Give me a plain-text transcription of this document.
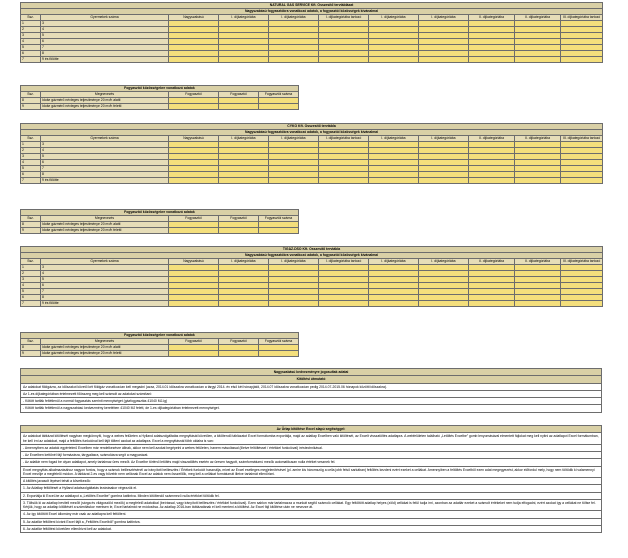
NATURAL GAS SERVICE Kft. Összesítő tervtáblázat										
Nagyszabású fogyasztókra vonatkozó adatok, a fogyasztói közösségek kívánalmai										
Ssz.	Gyermekek száma	Nagyszabású	I. díjkategóriába	I. díjkategóriába	I. díjkategóriába tartozó	I. díjkategóriába	I. díjkategóriába	II. díjkategóriába	II. díjkategóriába	III. díjkategóriába tartozó
1	3									
2	4									
3	5									
4	6									
5	7									
6	8									
7	9 és fölötte									
Fogyasztói közösségekre vonatkozó adatok				
Ssz.	Megnevezés	Fogyasztói	Fogyasztói	Fogyasztói száma
8	Idoše gázmérő névleges teljesítménye 20 m³/h alatti			
9	Idoše gázmérő névleges teljesítménye 20 m³/h feletti			
CYKO Kft. Összesítő tervtábla										
Nagyszabású fogyasztókra vonatkozó adatok, a fogyasztói közösségek kívánalmai										
Ssz.	Gyermekek száma	Nagyszabású	I. díjkategóriába	I. díjkategóriába	I. díjkategóriába tartozó	I. díjkategóriába	I. díjkategóriába	II. díjkategóriába	II. díjkategóriába	III. díjkategóriába tartozó
1	3									
2	4									
3	5									
4	6									
5	7									
6	8									
7	9 és fölötte									
Fogyasztói közösségekre vonatkozó adatok				
Ssz.	Megnevezés	Fogyasztói	Fogyasztói	Fogyasztói száma
8	Idoše gázmérő névleges teljesítménye 20 m³/h alatti			
9	Idoše gázmérő névleges teljesítménye 20 m³/h feletti			
TIGÁZ-DSO Kft. Összesítő tervtábla										
Nagyszabású fogyasztókra vonatkozó adatok, a fogyasztói közösségek kívánalmai										
Ssz.	Gyermekek száma	Nagyszabású	I. díjkategóriába	I. díjkategóriába	I. díjkategóriába tartozó	I. díjkategóriába	I. díjkategóriába	II. díjkategóriába	II. díjkategóriába	III. díjkategóriába tartozó
1	3									
2	4									
3	5									
4	6									
5	7									
6	8									
7	9 és fölötte									
Fogyasztói közösségekre vonatkozó adatok				
Ssz.	Megnevezés	Fogyasztói	Fogyasztói	Fogyasztói száma
8	Idoše gázmérő névleges teljesítménye 20 m³/h alatti			
9	Idoše gázmérő névleges teljesítménye 20 m³/h feletti			
Nagyszabású kedvezményre jogosultak adatai
Kitöltési útmutató
Az adatokat földgázra, az időszakot követő két földgáz vonatkozóan kell megadni (azaz, 2014.01 időszakra vonatkozóan a tárgyi 2014. év első két hónapjától, 2014.07 időszakra vonatkozóan pedig 2014.07-2015.06 hónapok közötti időszakra).
Az 1-es díjkategóriában értelmezett főösszeg meg kell számolt az adatokat számítani:
- Kötött tarifák feltétlenül a normál fogyasztás szerinti mennyiséget (gázfogyasztás 41040 MJ-ig)
- Kötött tarifák feltétlenül a nagyszabású kedvezmény keretében 41040 MJ felett, de 1-es díjkategóriában értelmezett mennyiséget.
Az Űrlap kitöltése Excel alapú segítséggel:
Az adatokat táblázat kitöltését nagyban megkönnyíti, hogy a webes felületen a Hylland adatszolgáltatás megnyitását követően, a kitöltendő táblázatot Excel formátumba exportálja, majd az adatlap Excelben való kitöltését, az Excelt visszatöltés adatlapra. A webfelületen található „Letöltés Excelbe” gomb lenyomásával elmentett fájlokat meg kell nyitni az adatlapot Excel formátumban, be kell írni az adatokat, majd a feltöltés funkcióval kell fájlt tölteni azokat az adatlapra. Excel a megnyitásnál több oldalra is van:
- Amennyiben az adatok egyértelmű Excelben már rendelkezésre állnak, akkor nem kell azokat begépelni a webes felületen, hanem másolással (illetve feltöltéssel / értékkel funkcióval) íréstechnikával.
- Az Excelben kettőnél fájl formázásra, tárgyalásra, számolásra segít a magyarázat.
- Az adatlár nem fogad be olyan adatlapot, amely tartalmaz üres mezőt. Az Excelbe történő letöltés majd visszatöltés esetén az üresen hagyott, számformátumú mezők automatikusan nulla értéket vesznek fel.
Excel megnyitás alkalmazásához nagyon fontos, hogy a számok beillesztésénél az irányított beillesztés / Értékek funkciót használja, mivel az Excel esetleges megjelenítésével (pl. amire kis háromszög a cella jobb felső sarkában) feltöltés kezdeni ezért ezeket a cellákat. Amennyiben a feltöltés Excelből ezen adat megegyezést, akkor előfordul mely, hogy nem töltődik ki valamennyi Excel mezője a megfelelő módon. A táblázat 2-es vagy bővebb nem cellának Excel az adatok nem összeillők, meg kell a cellákat formátumát illetve tartalmát ellenőrizni.
A kitöltés javasolt lépései tehát a következők:
1. Az Adatlap feltöltését a Hylland adatszolgáltatás lezárásakor végezzük el.
2. Exportálja ki Excel-be az adatlapot a „Letöltés Excelbe” gombra kattintva. Minden kitöltendő számmező nulla értékkel töltődik fel.
3. Töltsük ki az adatlap beviteli mezőit (sárga és világoszöld mezők) a megfelelő adatokkal (beírással, vagy irányított beillesztés / értékkel funkcióval). Ezen sablon már tartalmazza a munkát segítő számoló cellákat. Egy feltöltött adatlap helyes (zöld) cellákat is felül tudja írni, azonban az adatlár ezeket a számolt értékeket nem tudja elfogadni, ezért azokat így a cellákat ne töltse fel. Kérjük, hogy az adatlap kitöltését a számításkor mentsen le, Excel tartalmát ne módosítsa. Az adatlap 2016-ban táblázatának el kell menteni a kitöltést. Az Excel fájl kitöltése után ne nevezze át.
4. Az így kitöltött Excel állomány már csak az adatlapra kell feltölteni.
5. Az adatlár feltölteni kívánt Excel fájlt a „Feltöltés Excelből” gombra kattintva.
6. Az adatlár feltöltést követően ellenőrizni kell az adatokat.
